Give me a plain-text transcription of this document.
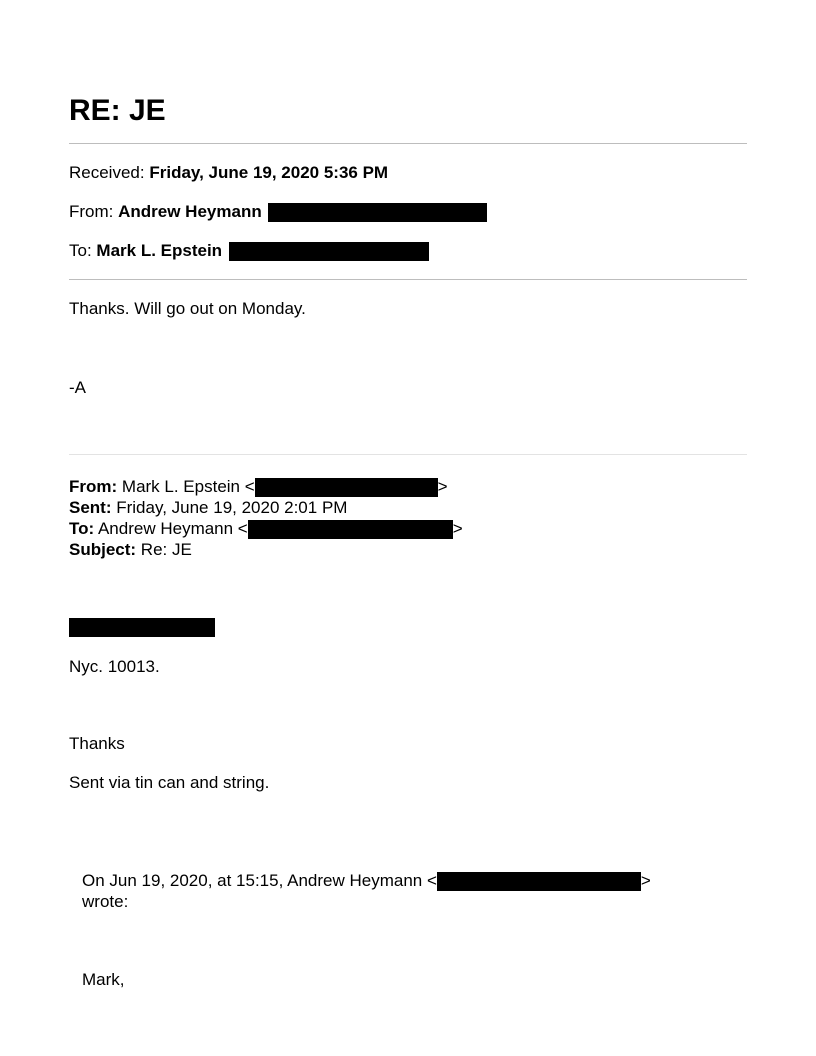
RE: JE
Received: Friday, June 19, 2020 5:36 PM
From: Andrew Heymann
To: Mark L. Epstein
Thanks. Will go out on Monday.
-A
From: Mark L. Epstein <	>
Sent: Friday, June 19, 2020 2:01 PM
To: Andrew Heymann <	>
Subject: Re: JE
Nyc. 10013.
Thanks
Sent via tin can and string.
On Jun 19, 2020, at 15:15, Andrew Heymann <	>
wrote:
Mark,
